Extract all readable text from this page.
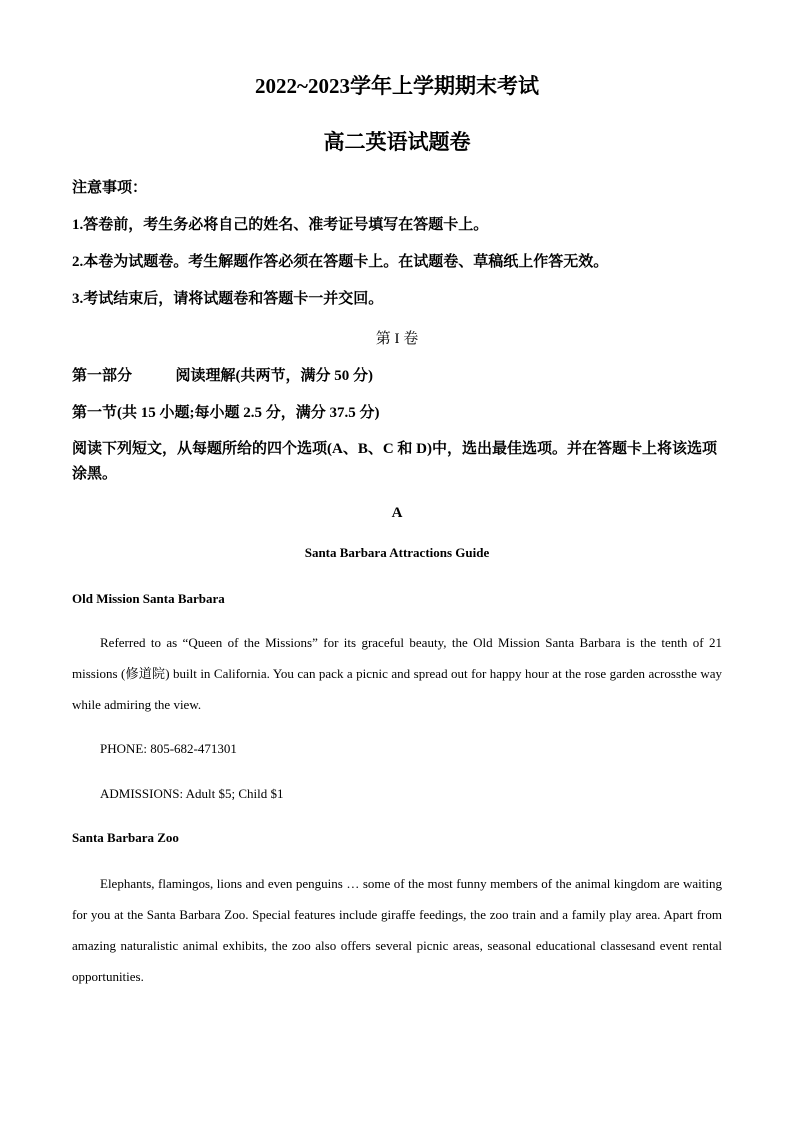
2022~2023学年上学期期末考试
高二英语试题卷
注意事项：
1.答卷前，考生务必将自己的姓名、准考证号填写在答题卡上。
2.本卷为试题卷。考生解题作答必须在答题卡上。在试题卷、草稿纸上作答无效。
3.考试结束后，请将试题卷和答题卡一并交回。
第 I 卷
第一部分	阅读理解(共两节，满分 50 分)
第一节(共 15 小题;每小题 2.5 分，满分 37.5 分)
阅读下列短文，从每题所给的四个选项(A、B、C 和 D)中，选出最佳选项。并在答题卡上将该选项涂黑。
A
Santa Barbara Attractions Guide
Old Mission Santa Barbara
Referred to as “Queen of the Missions” for its graceful beauty, the Old Mission Santa Barbara is the tenth of 21 missions (修道院) built in California. You can pack a picnic and spread out for happy hour at the rose garden acrossthe way while admiring the view.
PHONE: 805-682-471301
ADMISSIONS: Adult $5; Child $1
Santa Barbara Zoo
Elephants, flamingos, lions and even penguins … some of the most funny members of the animal kingdom are waiting for you at the Santa Barbara Zoo. Special features include giraffe feedings, the zoo train and a family play area. Apart from amazing naturalistic animal exhibits, the zoo also offers several picnic areas, seasonal educational classesand event rental opportunities.
